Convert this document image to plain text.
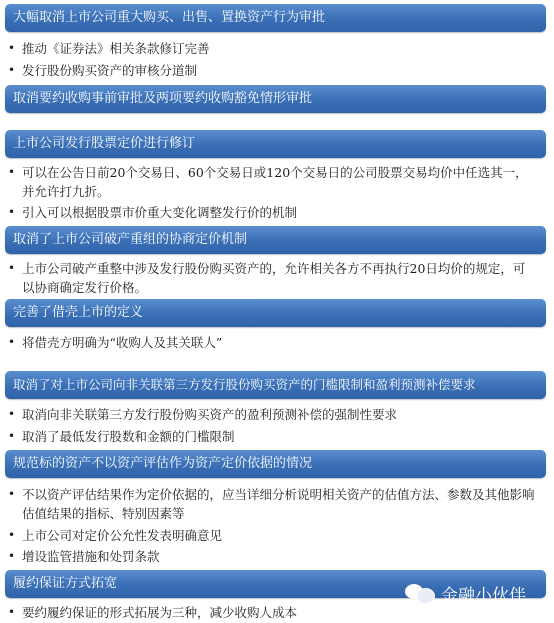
大幅取消上市公司重大购买、出售、置换资产行为审批
• 推动《证券法》相关条款修订完善
• 发行股份购买资产的审核分道制
取消要约收购事前审批及两项要约收购豁免情形审批
上市公司发行股票定价进行修订
• 可以在公告日前20个交易日、60个交易日或120个交易日的公司股票交易均价中任选其一，并允许打九折。
• 引入可以根据股票市价重大变化调整发行价的机制
取消了上市公司破产重组的协商定价机制
• 上市公司破产重整中涉及发行股份购买资产的，允许相关各方不再执行20日均价的规定，可以协商确定发行价格。
完善了借壳上市的定义
• 将借壳方明确为“收购人及其关联人”
取消了对上市公司向非关联第三方发行股份购买资产的门槛限制和盈利预测补偿要求
• 取消向非关联第三方发行股份购买资产的盈利预测补偿的强制性要求
• 取消了最低发行股数和金额的门槛限制
规范标的资产不以资产评估作为资产定价依据的情况
• 不以资产评估结果作为定价依据的，应当详细分析说明相关资产的估值方法、参数及其他影响估值结果的指标、特别因素等
• 上市公司对定价公允性发表明确意见
• 增设监管措施和处罚条款
履约保证方式拓宽
• 要约履约保证的形式拓展为三种，减少收购人成本
金融小伙伴
